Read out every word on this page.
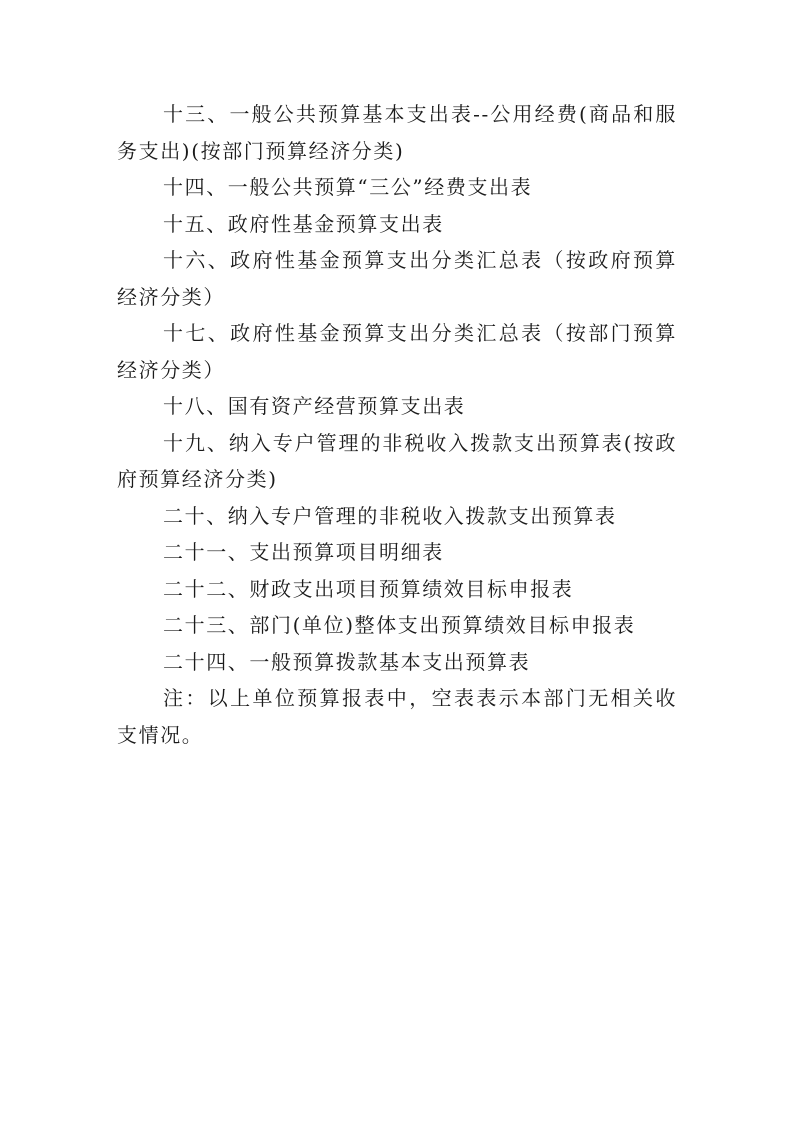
十三、一般公共预算基本支出表--公用经费(商品和服务支出)(按部门预算经济分类)

十四、一般公共预算“三公”经费支出表

十五、政府性基金预算支出表

十六、政府性基金预算支出分类汇总表（按政府预算经济分类）

十七、政府性基金预算支出分类汇总表（按部门预算经济分类）

十八、国有资产经营预算支出表

十九、纳入专户管理的非税收入拨款支出预算表(按政府预算经济分类)

二十、纳入专户管理的非税收入拨款支出预算表

二十一、支出预算项目明细表

二十二、财政支出项目预算绩效目标申报表

二十三、部门(单位)整体支出预算绩效目标申报表

二十四、一般预算拨款基本支出预算表

注：以上单位预算报表中，空表表示本部门无相关收支情况。
